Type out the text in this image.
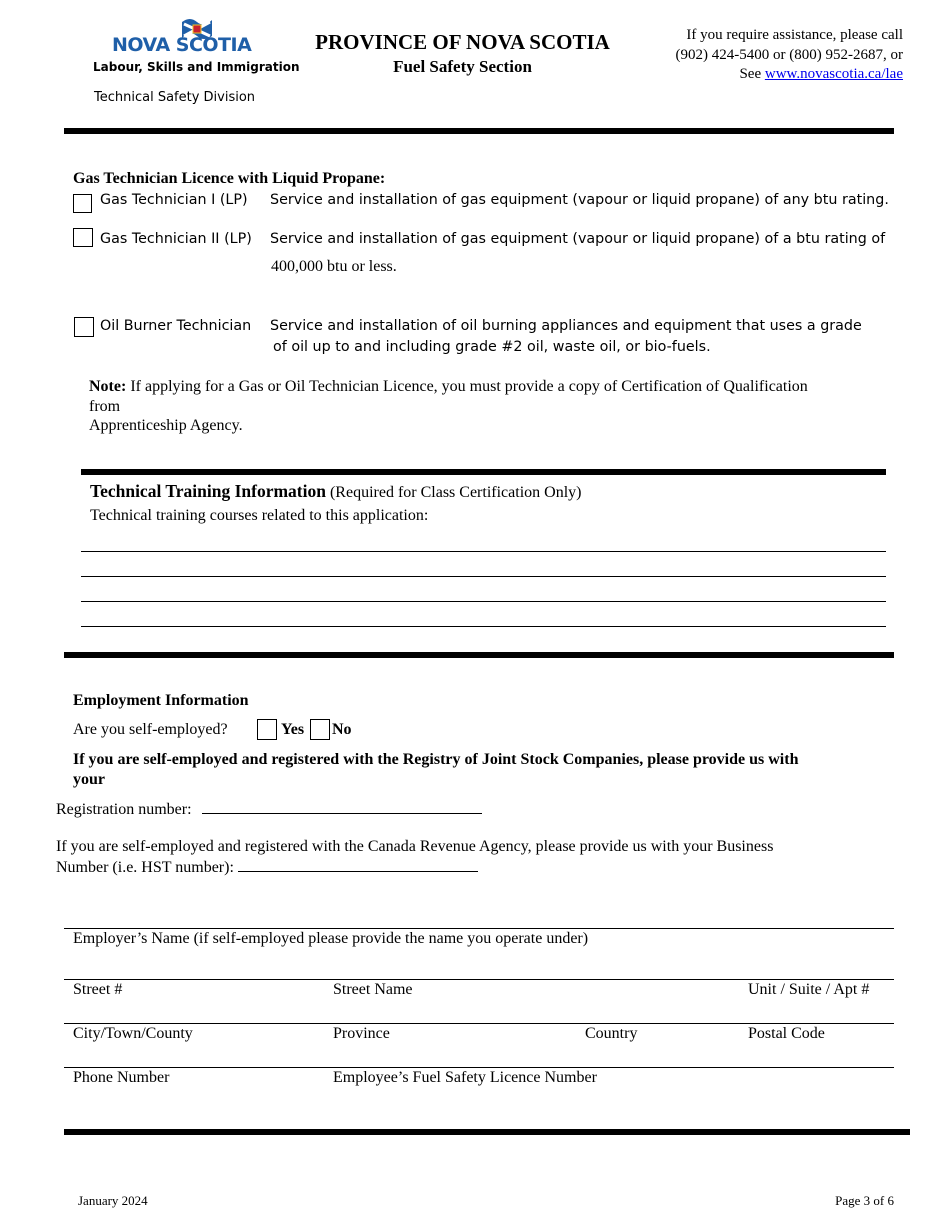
NOVA SCOTIA
Labour, Skills and Immigration
Technical Safety Division
PROVINCE OF NOVA SCOTIA
Fuel Safety Section
If you require assistance, please call
(902) 424-5400 or (800) 952-2687, or
See www.novascotia.ca/lae
Gas Technician Licence with Liquid Propane:
Gas Technician I (LP) Service and installation of gas equipment (vapour or liquid propane) of any btu rating.
Gas Technician II (LP) Service and installation of gas equipment (vapour or liquid propane) of a btu rating of
400,000 btu or less.
Oil Burner Technician Service and installation of oil burning appliances and equipment that uses a grade
of oil up to and including grade #2 oil, waste oil, or bio-fuels.
Note: If applying for a Gas or Oil Technician Licence, you must provide a copy of Certification of Qualification
from
Apprenticeship Agency.
Technical Training Information (Required for Class Certification Only)
Technical training courses related to this application:
Employment Information
Are you self-employed?	Yes No
If you are self-employed and registered with the Registry of Joint Stock Companies, please provide us with
your
Registration number:
If you are self-employed and registered with the Canada Revenue Agency, please provide us with your Business
Number (i.e. HST number):
Employer’s Name (if self-employed please provide the name you operate under)
Street #	Street Name	Unit / Suite / Apt #
City/Town/County	Province	Country	Postal Code
Phone Number	Employee’s Fuel Safety Licence Number
January 2024	Page 3 of 6
